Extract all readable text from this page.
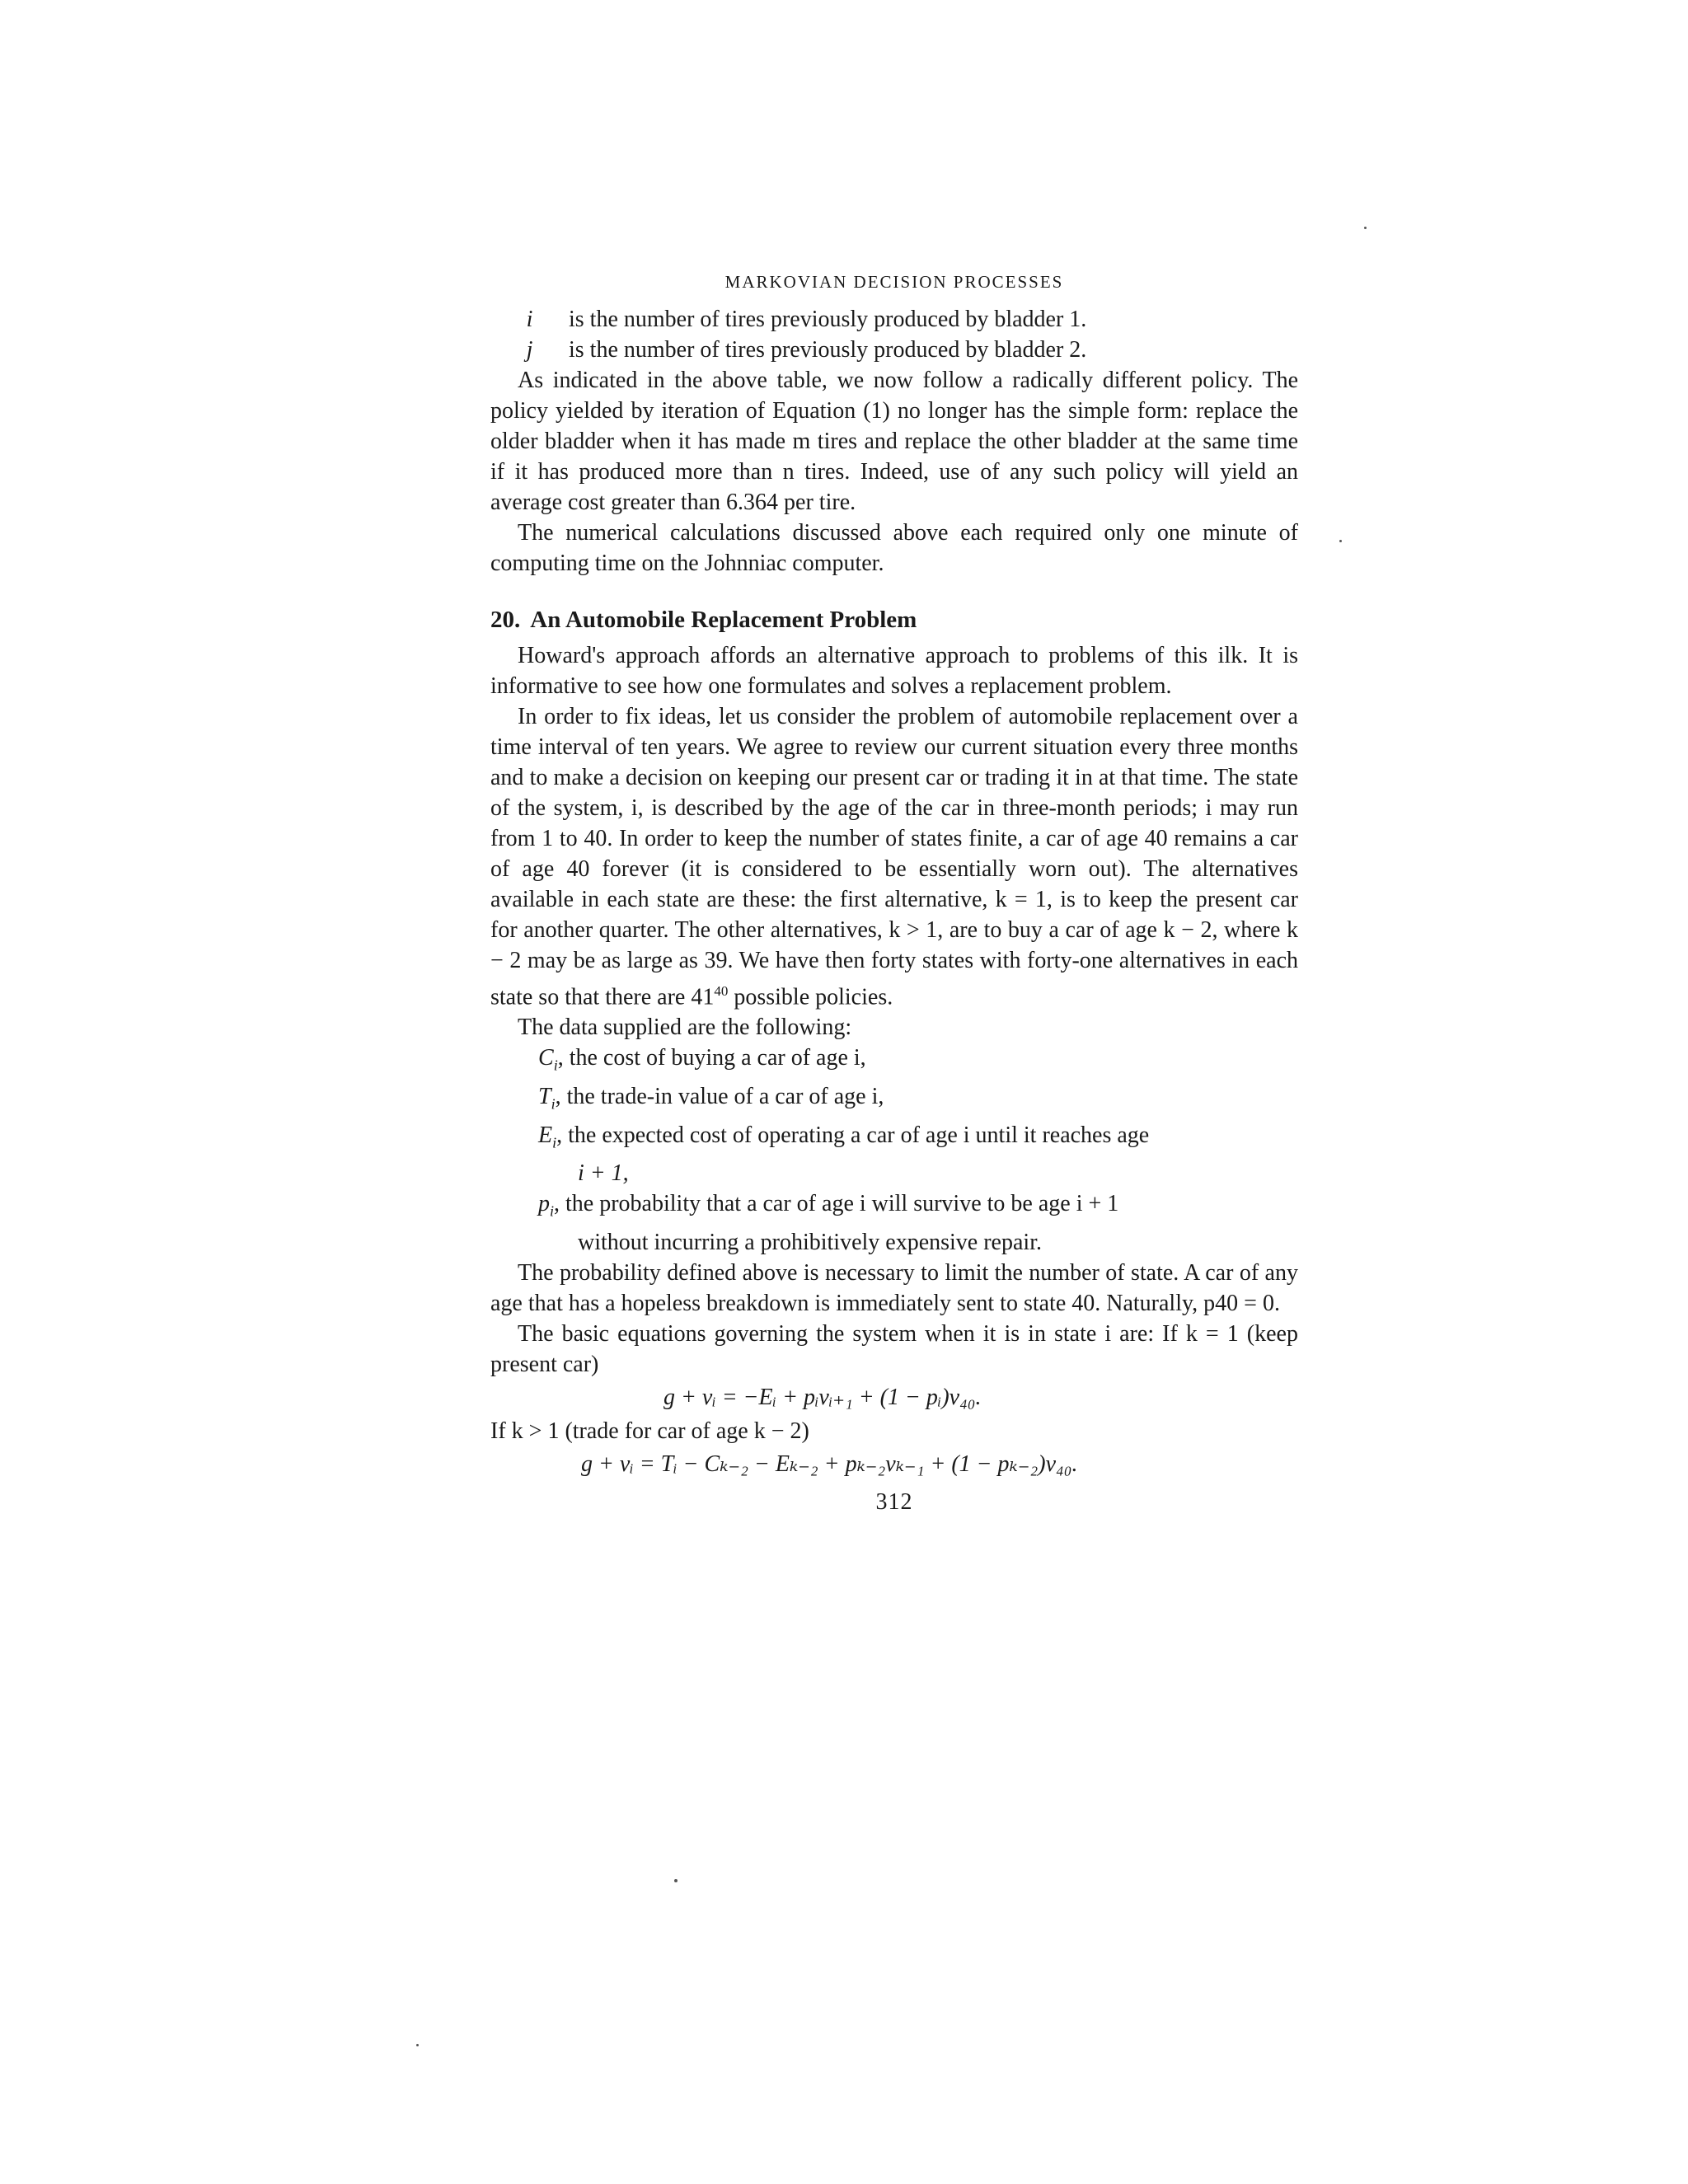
MARKOVIAN DECISION PROCESSES
i	is the number of tires previously produced by bladder 1.
j	is the number of tires previously produced by bladder 2.

As indicated in the above table, we now follow a radically different policy. The policy yielded by iteration of Equation (1) no longer has the simple form: replace the older bladder when it has made m tires and replace the other bladder at the same time if it has produced more than n tires. Indeed, use of any such policy will yield an average cost greater than 6.364 per tire.

The numerical calculations discussed above each required only one minute of computing time on the Johnniac computer.

20. An Automobile Replacement Problem

Howard's approach affords an alternative approach to problems of this ilk. It is informative to see how one formulates and solves a replacement problem.

In order to fix ideas, let us consider the problem of automobile replacement over a time interval of ten years. We agree to review our current situation every three months and to make a decision on keeping our present car or trading it in at that time. The state of the system, i, is described by the age of the car in three-month periods; i may run from 1 to 40. In order to keep the number of states finite, a car of age 40 remains a car of age 40 forever (it is considered to be essentially worn out). The alternatives available in each state are these: the first alternative, k = 1, is to keep the present car for another quarter. The other alternatives, k > 1, are to buy a car of age k − 2, where k − 2 may be as large as 39. We have then forty states with forty-one alternatives in each state so that there are $41^{40}$ possible policies.

The data supplied are the following:

$C_i$, the cost of buying a car of age i,
$T_i$, the trade-in value of a car of age i,
$E_i$, the expected cost of operating a car of age i until it reaches age
i + 1,
$p_i$, the probability that a car of age i will survive to be age i + 1
without incurring a prohibitively expensive repair.

The probability defined above is necessary to limit the number of state. A car of any age that has a hopeless breakdown is immediately sent to state 40. Naturally, p40 = 0.

The basic equations governing the system when it is in state i are: If k = 1 (keep present car)

g + vᵢ = −Eᵢ + pᵢvᵢ₊₁ + (1 − pᵢ)v₄₀.

If k > 1 (trade for car of age k − 2)

g + vᵢ = Tᵢ − Cₖ₋₂ − Eₖ₋₂ + pₖ₋₂vₖ₋₁ + (1 − pₖ₋₂)v₄₀.
312
